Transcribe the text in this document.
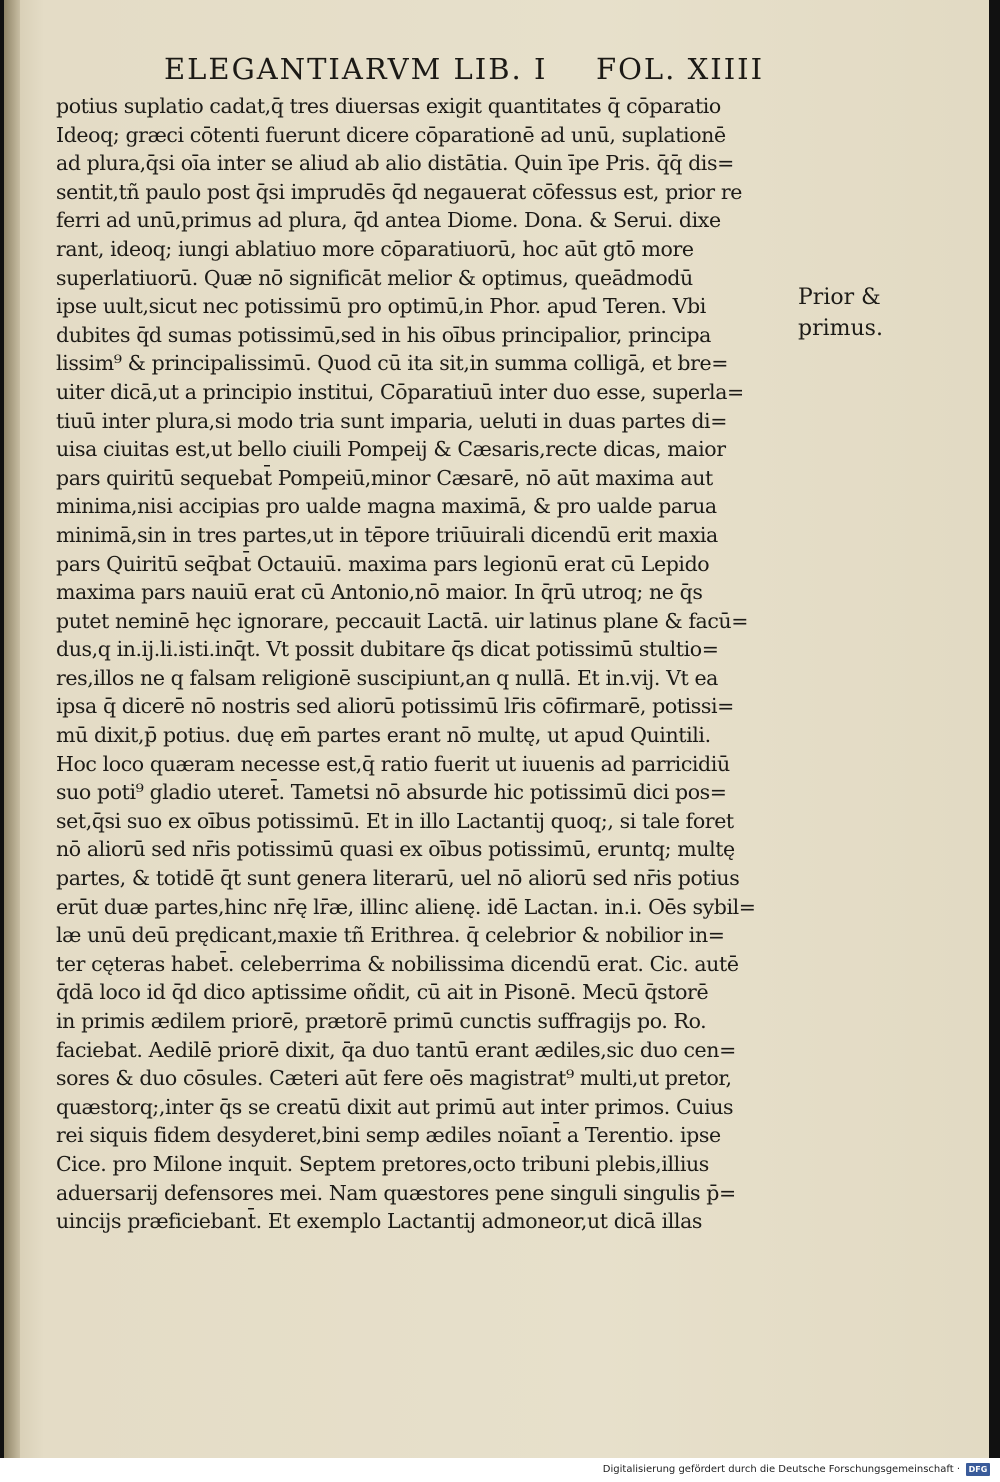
ELEGANTIARVM LIB. I FOL. XIIII
potius suplatio cadat,q̄ tres diuersas exigit quantitates q̄ cōparatio
Ideoq; græci cōtenti fuerunt dicere cōparationē ad unū, suplationē
ad plura,q̄si oīa inter se aliud ab alio distātia. Quin īpe Pris. q̄q̄ dis=
sentit,tñ paulo post q̄si imprudēs q̄d negauerat cōfessus est, prior re
ferri ad unū,primus ad plura, q̄d antea Diome. Dona. & Serui. dixe
rant, ideoq; iungi ablatiuo more cōparatiuorū, hoc aūt gtō more
superlatiuorū. Quæ nō significāt melior & optimus, queādmodū
ipse uult,sicut nec potissimū pro optimū,in Phor. apud Teren. Vbi
dubites q̄d sumas potissimū,sed in his oībus principalior, principa
lissim⁹ & principalissimū. Quod cū ita sit,in summa colligā, et bre=
uiter dicā,ut a principio institui, Cōparatiuū inter duo esse, superla=
tiuū inter plura,si modo tria sunt imparia, ueluti in duas partes di=
uisa ciuitas est,ut bello ciuili Pompeij & Cæsaris,recte dicas, maior
pars quiritū sequebat̄ Pompeiū,minor Cæsarē, nō aūt maxima aut
minima,nisi accipias pro ualde magna maximā, & pro ualde parua
minimā,sin in tres partes,ut in tēpore triūuirali dicendū erit maxia
pars Quiritū seq̄bat̄ Octauiū. maxima pars legionū erat cū Lepido
maxima pars nauiū erat cū Antonio,nō maior. In q̄rū utroq; ne q̄s
putet neminē hęc ignorare, peccauit Lactā. uir latinus plane & facū=
dus,q in.ij.li.isti.inq̄t. Vt possit dubitare q̄s dicat potissimū stultio=
res,illos ne q falsam religionē suscipiunt,an q nullā. Et in.vij. Vt ea
ipsa q̄ dicerē nō nostris sed aliorū potissimū lr̄is cōfirmarē, potissi=
mū dixit,p̄ potius. duę em̄ partes erant nō multę, ut apud Quintili.
Hoc loco quæram necesse est,q̄ ratio fuerit ut iuuenis ad parricidiū
suo poti⁹ gladio uteret̄. Tametsi nō absurde hic potissimū dici pos=
set,q̄si suo ex oībus potissimū. Et in illo Lactantij quoq;, si tale foret
nō aliorū sed nr̄is potissimū quasi ex oībus potissimū, eruntq; multę
partes, & totidē q̄t sunt genera literarū, uel nō aliorū sed nr̄is potius
erūt duæ partes,hinc nr̄ę lr̄æ, illinc alienę. idē Lactan. in.i. Oēs sybil=
læ unū deū prędicant,maxie tñ Erithrea. q̄ celebrior & nobilior in=
ter cęteras habet̄. celeberrima & nobilissima dicendū erat. Cic. autē
q̄dā loco id q̄d dico aptissime oñdit, cū ait in Pisonē. Mecū q̄storē
in primis ædilem priorē, prætorē primū cunctis suffragijs po. Ro.
faciebat. Aedilē priorē dixit, q̄a duo tantū erant ædiles,sic duo cen=
sores & duo cōsules. Cæteri aūt fere oēs magistrat⁹ multi,ut pretor,
quæstorq;,inter q̄s se creatū dixit aut primū aut inter primos. Cuius
rei siquis fidem desyderet,bini semp ædiles noīant̄ a Terentio. ipse
Cice. pro Milone inquit. Septem pretores,octo tribuni plebis,illius
aduersarij defensores mei. Nam quæstores pene singuli singulis p̄=
uincijs præficiebant̄. Et exemplo Lactantij admoneor,ut dicā illas
Prior &
primus.
Digitalisierung gefördert durch die Deutsche Forschungsgemeinschaft ·	DFG
